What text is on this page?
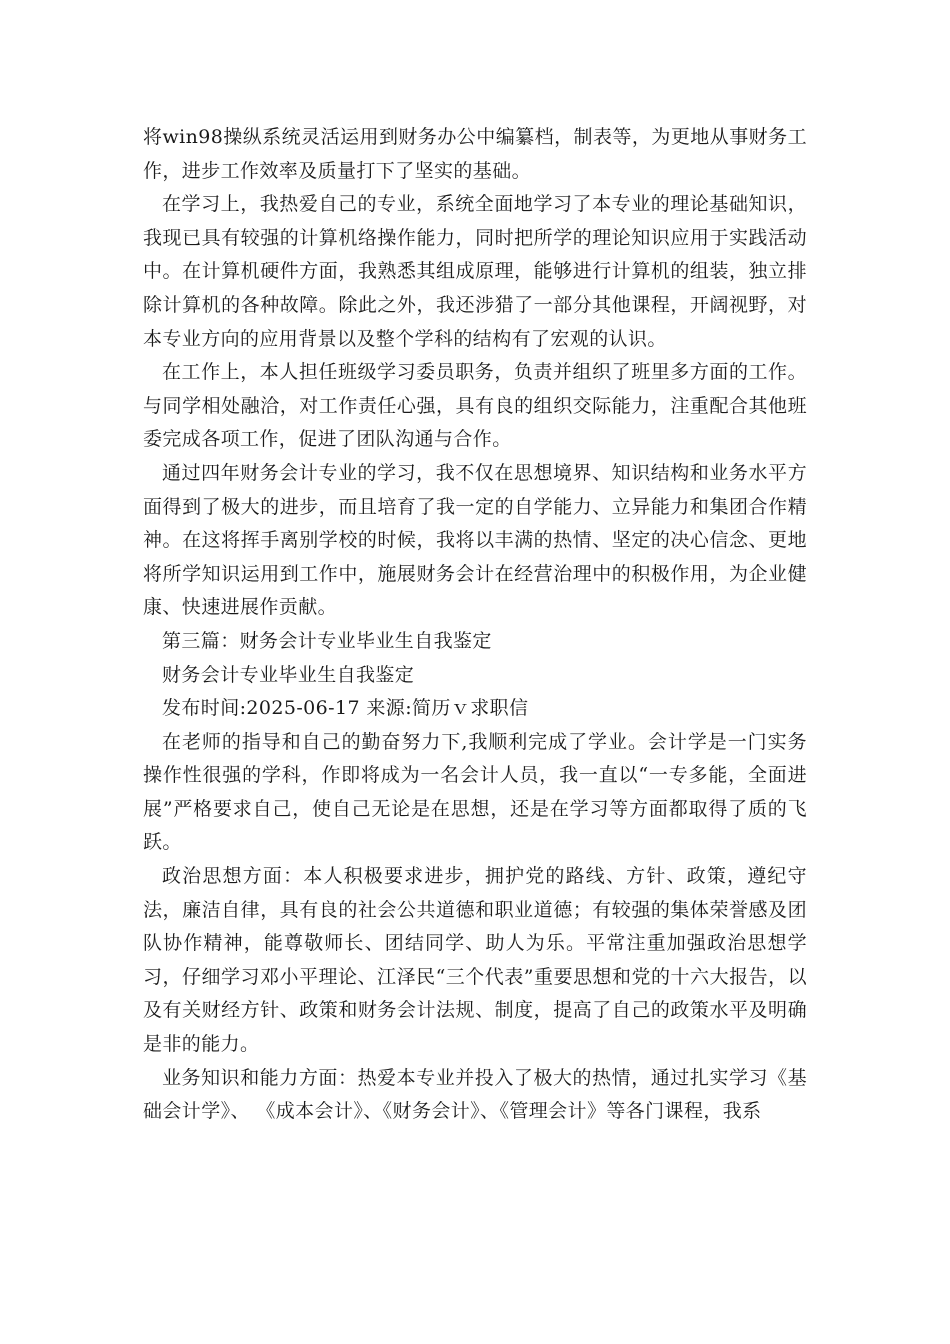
将win98操纵系统灵活运用到财务办公中编纂档，制表等，为更地从事财务工作，进步工作效率及质量打下了坚实的基础。

在学习上，我热爱自己的专业，系统全面地学习了本专业的理论基础知识，我现已具有较强的计算机络操作能力，同时把所学的理论知识应用于实践活动中。在计算机硬件方面，我熟悉其组成原理，能够进行计算机的组装，独立排除计算机的各种故障。除此之外，我还涉猎了一部分其他课程，开阔视野，对本专业方向的应用背景以及整个学科的结构有了宏观的认识。

在工作上，本人担任班级学习委员职务，负责并组织了班里多方面的工作。与同学相处融洽，对工作责任心强，具有良的组织交际能力，注重配合其他班委完成各项工作，促进了团队沟通与合作。

通过四年财务会计专业的学习，我不仅在思想境界、知识结构和业务水平方面得到了极大的进步，而且培育了我一定的自学能力、立异能力和集团合作精神。在这将挥手离别学校的时候，我将以丰满的热情、坚定的决心信念、更地将所学知识运用到工作中，施展财务会计在经营治理中的积极作用，为企业健康、快速进展作贡献。

第三篇：财务会计专业毕业生自我鉴定

财务会计专业毕业生自我鉴定

发布时间:2025-06-17 来源:简历ｖ求职信

在老师的指导和自己的勤奋努力下,我顺利完成了学业。会计学是一门实务操作性很强的学科，作即将成为一名会计人员，我一直以“一专多能，全面进展”严格要求自己，使自己无论是在思想，还是在学习等方面都取得了质的飞跃。

政治思想方面：本人积极要求进步，拥护党的路线、方针、政策，遵纪守法，廉洁自律，具有良的社会公共道德和职业道德；有较强的集体荣誉感及团队协作精神，能尊敬师长、团结同学、助人为乐。平常注重加强政治思想学习，仔细学习邓小平理论、江泽民“三个代表”重要思想和党的十六大报告，以及有关财经方针、政策和财务会计法规、制度，提高了自己的政策水平及明确是非的能力。

业务知识和能力方面：热爱本专业并投入了极大的热情，通过扎实学习《基础会计学》、 《成本会计》、《财务会计》、《管理会计》等各门课程，我系
